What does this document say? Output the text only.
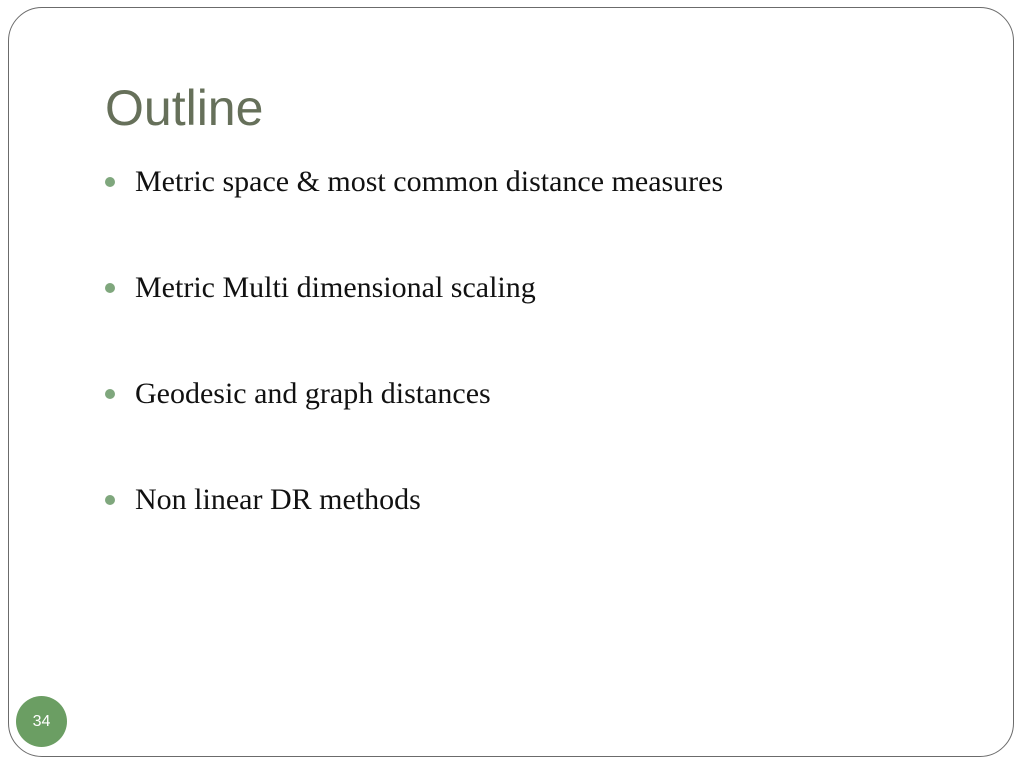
Outline
Metric space & most common distance measures
Metric Multi dimensional scaling
Geodesic and graph distances
Non linear DR methods
34
